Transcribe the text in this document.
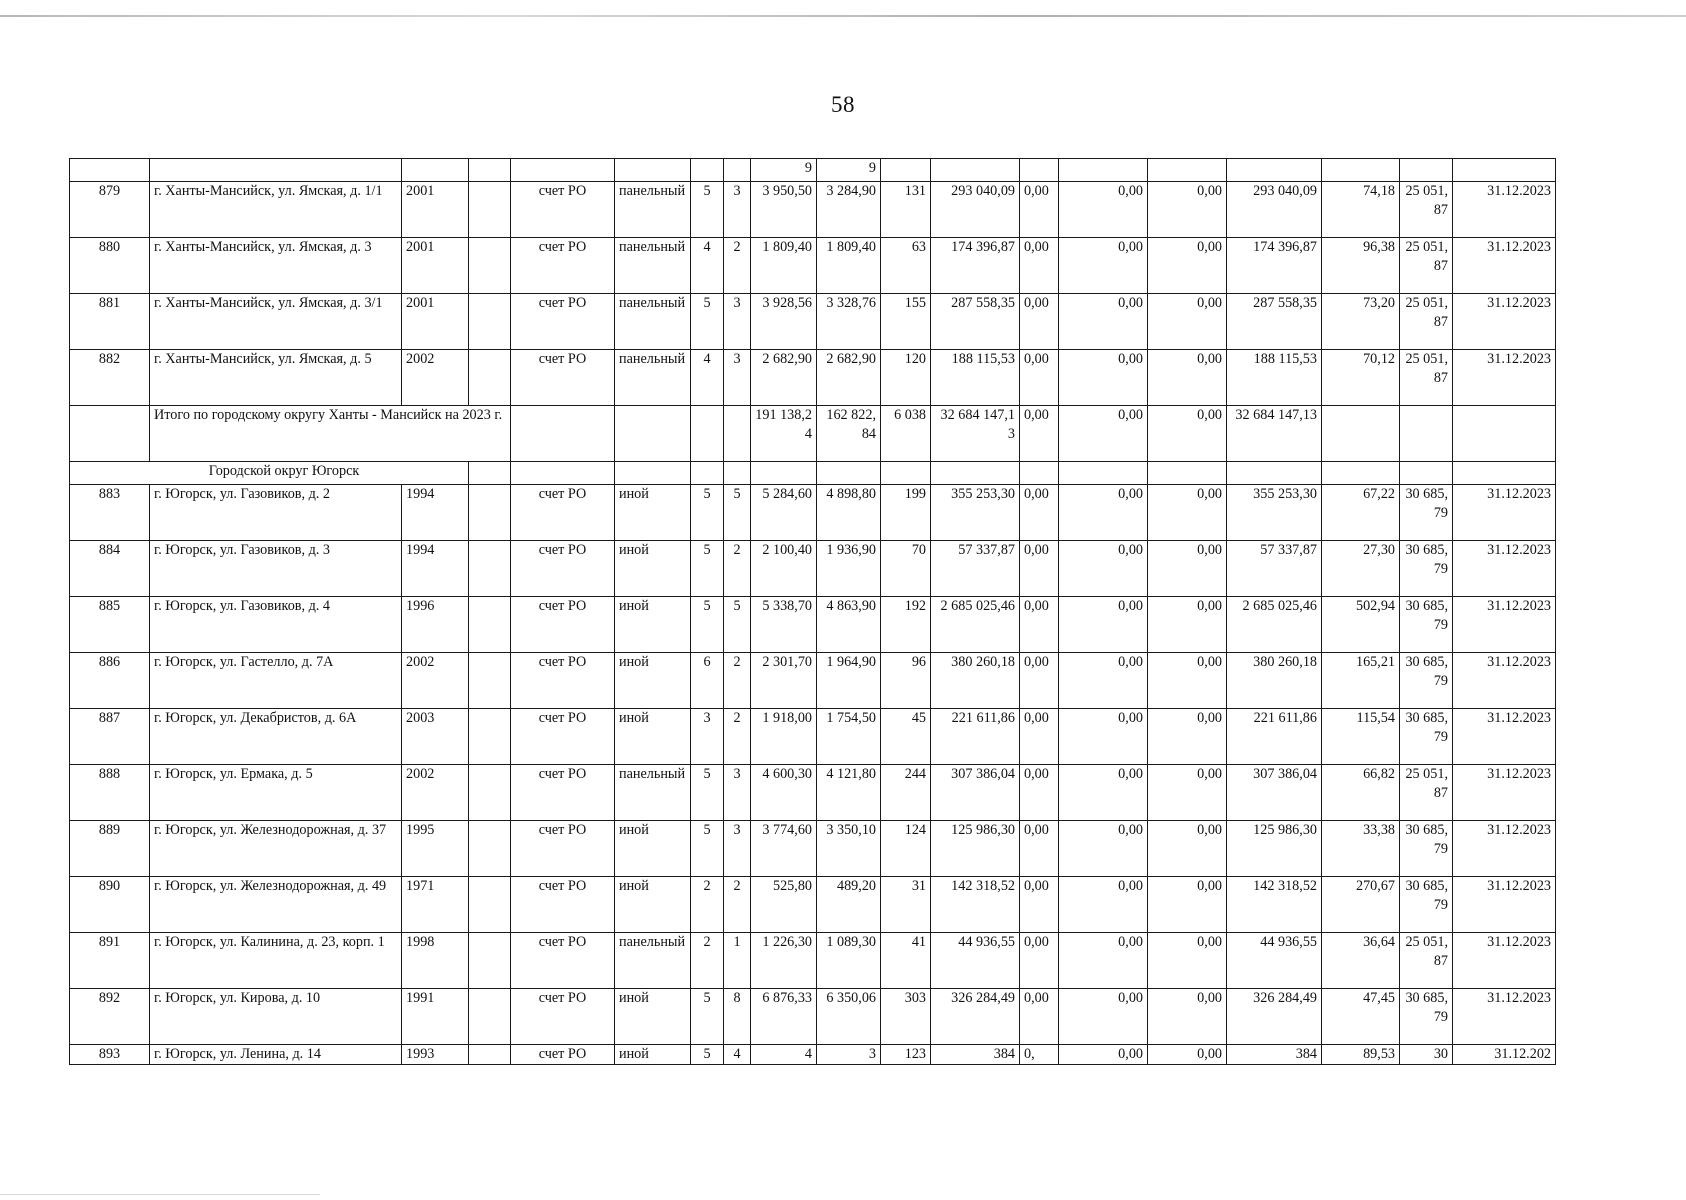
58
								9	9									
879	г. Ханты-Мансийск, ул. Ямская, д. 1/1	2001		счет РО	панельный	5	3	3 950,50	3 284,90	131	293 040,09	0,00	0,00	0,00	293 040,09	74,18	25 051,87	31.12.2023
880	г. Ханты-Мансийск, ул. Ямская, д. 3	2001		счет РО	панельный	4	2	1 809,40	1 809,40	63	174 396,87	0,00	0,00	0,00	174 396,87	96,38	25 051,87	31.12.2023
881	г. Ханты-Мансийск, ул. Ямская, д. 3/1	2001		счет РО	панельный	5	3	3 928,56	3 328,76	155	287 558,35	0,00	0,00	0,00	287 558,35	73,20	25 051,87	31.12.2023
882	г. Ханты-Мансийск, ул. Ямская, д. 5	2002		счет РО	панельный	4	3	2 682,90	2 682,90	120	188 115,53	0,00	0,00	0,00	188 115,53	70,12	25 051,87	31.12.2023
	Итого по городскому округу Ханты - Мансийск на 2023 г.							191 138,24	162 822,84	6 038	32 684 147,13	0,00	0,00	0,00	32 684 147,13			
Городской округ Югорск																		
883	г. Югорск, ул. Газовиков, д. 2	1994		счет РО	иной	5	5	5 284,60	4 898,80	199	355 253,30	0,00	0,00	0,00	355 253,30	67,22	30 685,79	31.12.2023
884	г. Югорск, ул. Газовиков, д. 3	1994		счет РО	иной	5	2	2 100,40	1 936,90	70	57 337,87	0,00	0,00	0,00	57 337,87	27,30	30 685,79	31.12.2023
885	г. Югорск, ул. Газовиков, д. 4	1996		счет РО	иной	5	5	5 338,70	4 863,90	192	2 685 025,46	0,00	0,00	0,00	2 685 025,46	502,94	30 685,79	31.12.2023
886	г. Югорск, ул. Гастелло, д. 7А	2002		счет РО	иной	6	2	2 301,70	1 964,90	96	380 260,18	0,00	0,00	0,00	380 260,18	165,21	30 685,79	31.12.2023
887	г. Югорск, ул. Декабристов, д. 6А	2003		счет РО	иной	3	2	1 918,00	1 754,50	45	221 611,86	0,00	0,00	0,00	221 611,86	115,54	30 685,79	31.12.2023
888	г. Югорск, ул. Ермака, д. 5	2002		счет РО	панельный	5	3	4 600,30	4 121,80	244	307 386,04	0,00	0,00	0,00	307 386,04	66,82	25 051,87	31.12.2023
889	г. Югорск, ул. Железнодорожная, д. 37	1995		счет РО	иной	5	3	3 774,60	3 350,10	124	125 986,30	0,00	0,00	0,00	125 986,30	33,38	30 685,79	31.12.2023
890	г. Югорск, ул. Железнодорожная, д. 49	1971		счет РО	иной	2	2	525,80	489,20	31	142 318,52	0,00	0,00	0,00	142 318,52	270,67	30 685,79	31.12.2023
891	г. Югорск, ул. Калинина, д. 23, корп. 1	1998		счет РО	панельный	2	1	1 226,30	1 089,30	41	44 936,55	0,00	0,00	0,00	44 936,55	36,64	25 051,87	31.12.2023
892	г. Югорск, ул. Кирова, д. 10	1991		счет РО	иной	5	8	6 876,33	6 350,06	303	326 284,49	0,00	0,00	0,00	326 284,49	47,45	30 685,79	31.12.2023
893	г. Югорск, ул. Ленина, д. 14	1993		счет РО	иной	5	4	4	3	123	384	0,	0,00	0,00	384	89,53	30	31.12.202
